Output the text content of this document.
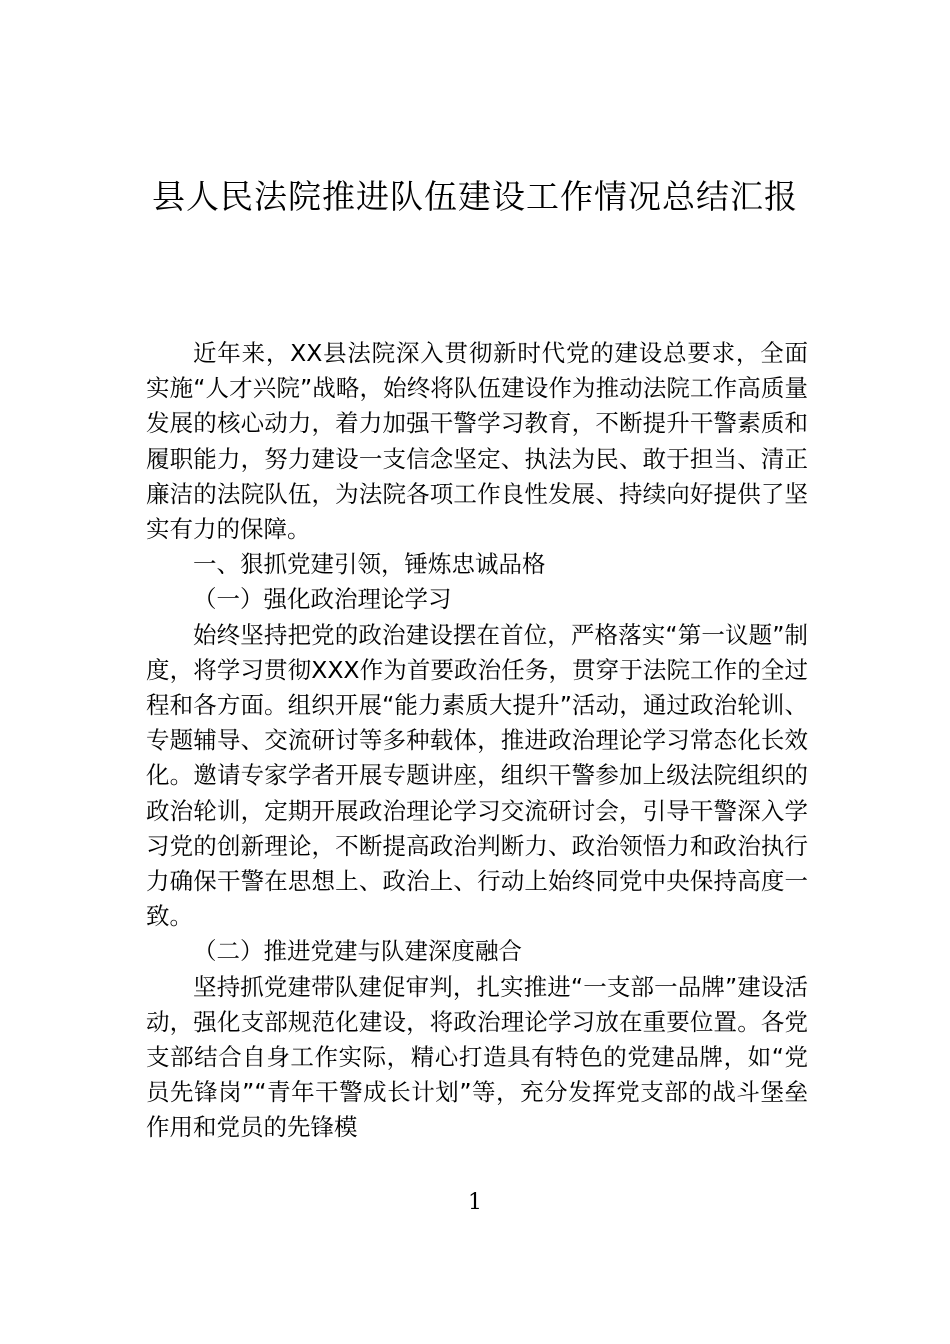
县人民法院推进队伍建设工作情况总结汇报

近年来，XX县法院深入贯彻新时代党的建设总要求，全面实施“人才兴院”战略，始终将队伍建设作为推动法院工作高质量发展的核心动力，着力加强干警学习教育，不断提升干警素质和履职能力，努力建设一支信念坚定、执法为民、敢于担当、清正廉洁的法院队伍，为法院各项工作良性发展、持续向好提供了坚实有力的保障。

一、狠抓党建引领，锤炼忠诚品格

（一）强化政治理论学习

始终坚持把党的政治建设摆在首位，严格落实“第一议题”制度，将学习贯彻XXX作为首要政治任务，贯穿于法院工作的全过程和各方面。组织开展“能力素质大提升”活动，通过政治轮训、专题辅导、交流研讨等多种载体，推进政治理论学习常态化长效化。邀请专家学者开展专题讲座，组织干警参加上级法院组织的政治轮训，定期开展政治理论学习交流研讨会，引导干警深入学习党的创新理论，不断提高政治判断力、政治领悟力和政治执行力确保干警在思想上、政治上、行动上始终同党中央保持高度一致。

（二）推进党建与队建深度融合

坚持抓党建带队建促审判，扎实推进“一支部一品牌”建设活动，强化支部规范化建设，将政治理论学习放在重要位置。各党支部结合自身工作实际，精心打造具有特色的党建品牌，如“党员先锋岗”“青年干警成长计划”等，充分发挥党支部的战斗堡垒作用和党员的先锋模

1
